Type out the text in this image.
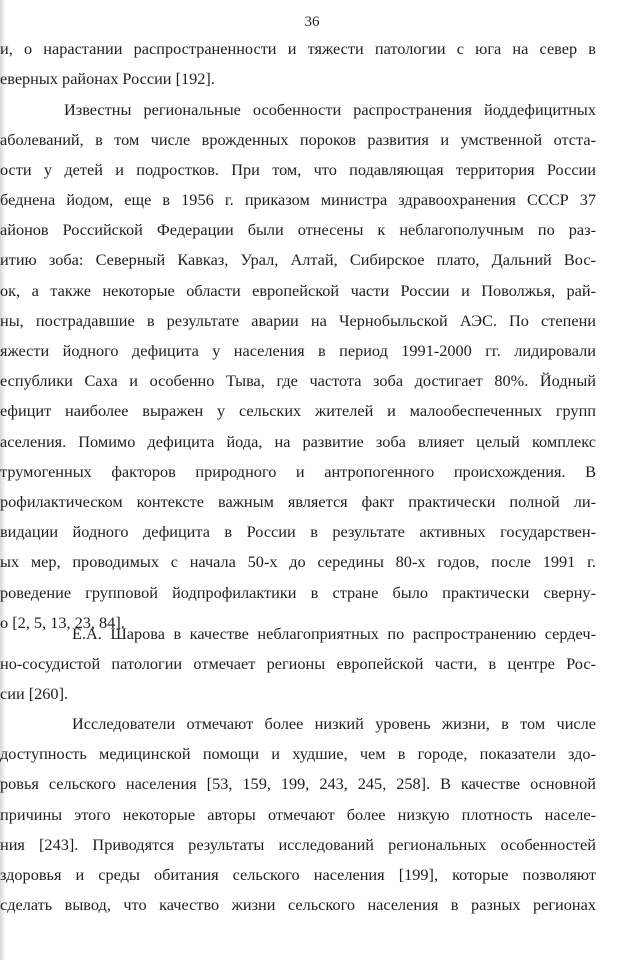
36
и, о нарастании распространенности и тяжести патологии с юга на север в
еверных районах России [192].
Известны региональные особенности распространения йоддефицитных
аболеваний, в том числе врожденных пороков развития и умственной отста-
ости у детей и подростков. При том, что подавляющая территория России
беднена йодом, еще в 1956 г. приказом министра здравоохранения СССР 37
айонов Российской Федерации были отнесены к неблагополучным по раз-
итию зоба: Северный Кавказ, Урал, Алтай, Сибирское плато, Дальний Вос-
ок, а также некоторые области европейской части России и Поволжья, рай-
ны, пострадавшие в результате аварии на Чернобыльской АЭС. По степени
яжести йодного дефицита у населения в период 1991-2000 гг. лидировали
еспублики Саха и особенно Тыва, где частота зоба достигает 80%. Йодный
ефицит наиболее выражен у сельских жителей и малообеспеченных групп
аселения. Помимо дефицита йода, на развитие зоба влияет целый комплекс
трумогенных факторов природного и антропогенного происхождения. В
рофилактическом контексте важным является факт практически полной ли-
видации йодного дефицита в России в результате активных государствен-
ых мер, проводимых с начала 50-х до середины 80-х годов, после 1991 г.
роведение групповой йодпрофилактики в стране было практически сверну-
о [2, 5, 13, 23, 84].
Е.А. Шарова в качестве неблагоприятных по распространению сердеч-
но-сосудистой патологии отмечает регионы европейской части, в центре Рос-
сии [260].
Исследователи отмечают более низкий уровень жизни, в том числе
доступность медицинской помощи и худшие, чем в городе, показатели здо-
ровья сельского населения [53, 159, 199, 243, 245, 258]. В качестве основной
причины этого некоторые авторы отмечают более низкую плотность населе-
ния [243]. Приводятся результаты исследований региональных особенностей
здоровья и среды обитания сельского населения [199], которые позволяют
сделать вывод, что качество жизни сельского населения в разных регионах
